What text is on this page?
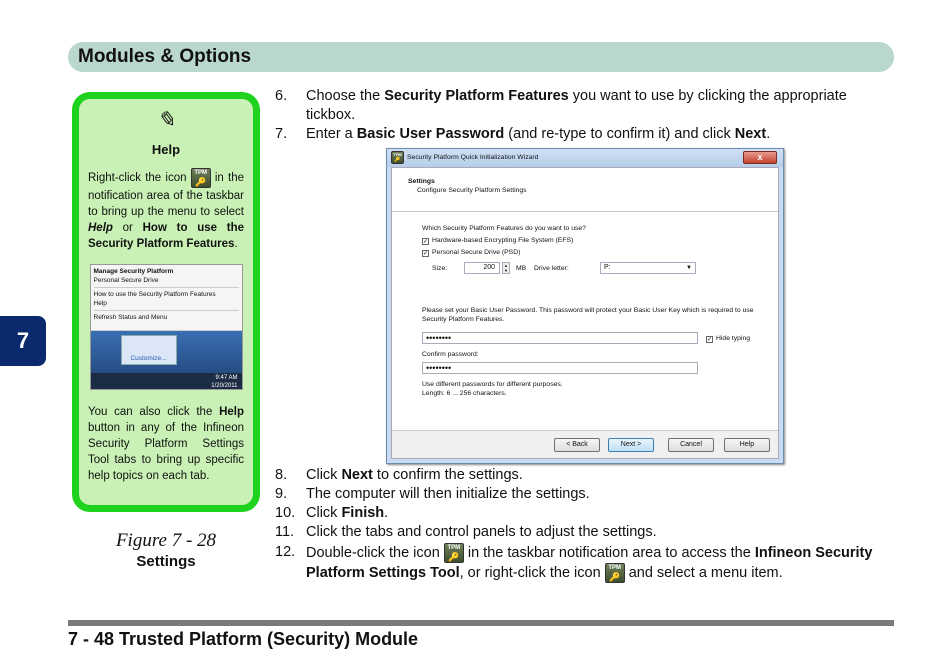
Modules & Options
7
✎
Help

Right-click the icon TPM
🔑 in the notification area of the taskbar to bring up the menu to select Help or How to use the Security Platform Features.

Manage Security Platform
Personal Secure Drive
How to use the Security Platform Features
Help
Refresh Status and Menu
Customize...
9:47 AM
1/20/2011

You can also click the Help button in any of the Infineon Security Platform Settings Tool tabs to bring up specific help topics on each tab.

Figure 7 - 28
Settings
6. Choose the Security Platform Features you want to use by clicking the appropriate tickbox.
7. Enter a Basic User Password (and re-type to confirm it) and click Next.
TPM
🔑 Security Platform Quick Initialization Wizard	x
Settings
Configure Security Platform Settings
Which Security Platform Features do you want to use?
✓ Hardware-based Encrypting File System (EFS)
✓ Personal Secure Drive (PSD)
Size:	200	▲
▼ MB Drive letter:	P:	▼
Please set your Basic User Password. This password will protect your Basic User Key which is required to use Security Platform Features.
••••••••	✓ Hide typing
Confirm password:
••••••••
Use different passwords for different purposes.
Length: 6 ... 256 characters.
< Back	Next >	Cancel	Help
8. Click Next to confirm the settings.
9. The computer will then initialize the settings.
10. Click Finish.
11. Click the tabs and control panels to adjust the settings.
12. Double-click the icon TPM
🔑 in the taskbar notification area to access the Infineon Security Platform Settings Tool, or right-click the icon TPM
🔑 and select a menu item.
7 - 48 Trusted Platform (Security) Module
